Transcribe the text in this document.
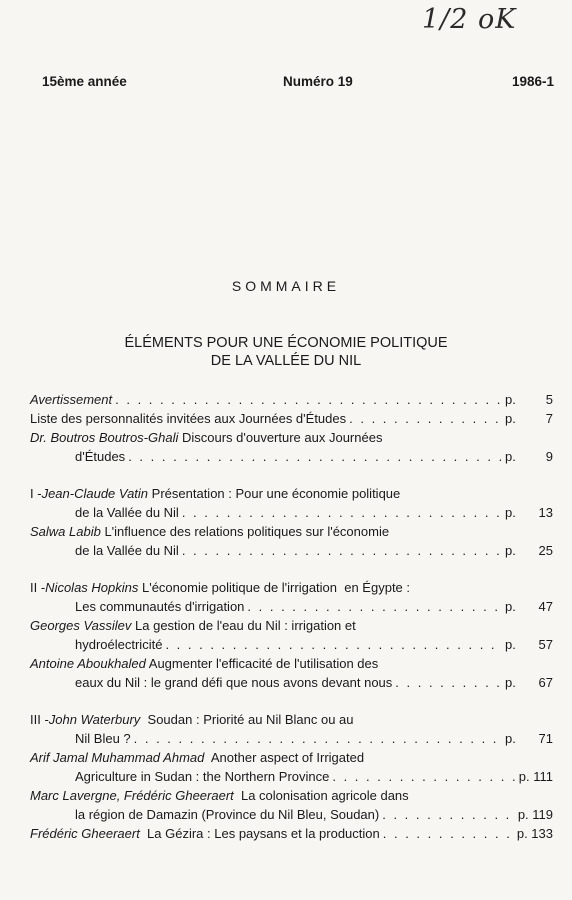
1/2 oK
15ème année	Numéro 19	1986-1
SOMMAIRE
ÉLÉMENTS POUR UNE ÉCONOMIE POLITIQUE
DE LA VALLÉE DU NIL
Avertissement . . .	p.	5
Liste des personnalités invitées aux Journées d'Études . . .	p.	7
Dr. Boutros Boutros-Ghali Discours d'ouverture aux Journées
d'Études . . .	p.	9
I - Jean-Claude Vatin Présentation : Pour une économie politique
de la Vallée du Nil . . .	p.	13
Salwa Labib L'influence des relations politiques sur l'économie
de la Vallée du Nil . . .	p.	25
II - Nicolas Hopkins L'économie politique de l'irrigation  en Égypte :
Les communautés d'irrigation . . .	p.	47
Georges Vassilev La gestion de l'eau du Nil : irrigation et
hydroélectricité . . .	p.	57
Antoine Aboukhaled Augmenter l'efficacité de l'utilisation des
eaux du Nil : le grand défi que nous avons devant nous . . .	p.	67
III - John Waterbury Soudan : Priorité au Nil Blanc ou au
Nil Bleu ? . . .	p.	71
Arif Jamal Muhammad Ahmad Another aspect of Irrigated
Agriculture in Sudan : the Northern Province . . .	p. 111
Marc Lavergne, Frédéric Gheeraert La colonisation agricole dans
la région de Damazin (Province du Nil Bleu, Soudan) . . .	p. 119
Frédéric Gheeraert La Gézira : Les paysans et la production . . .	p. 133
